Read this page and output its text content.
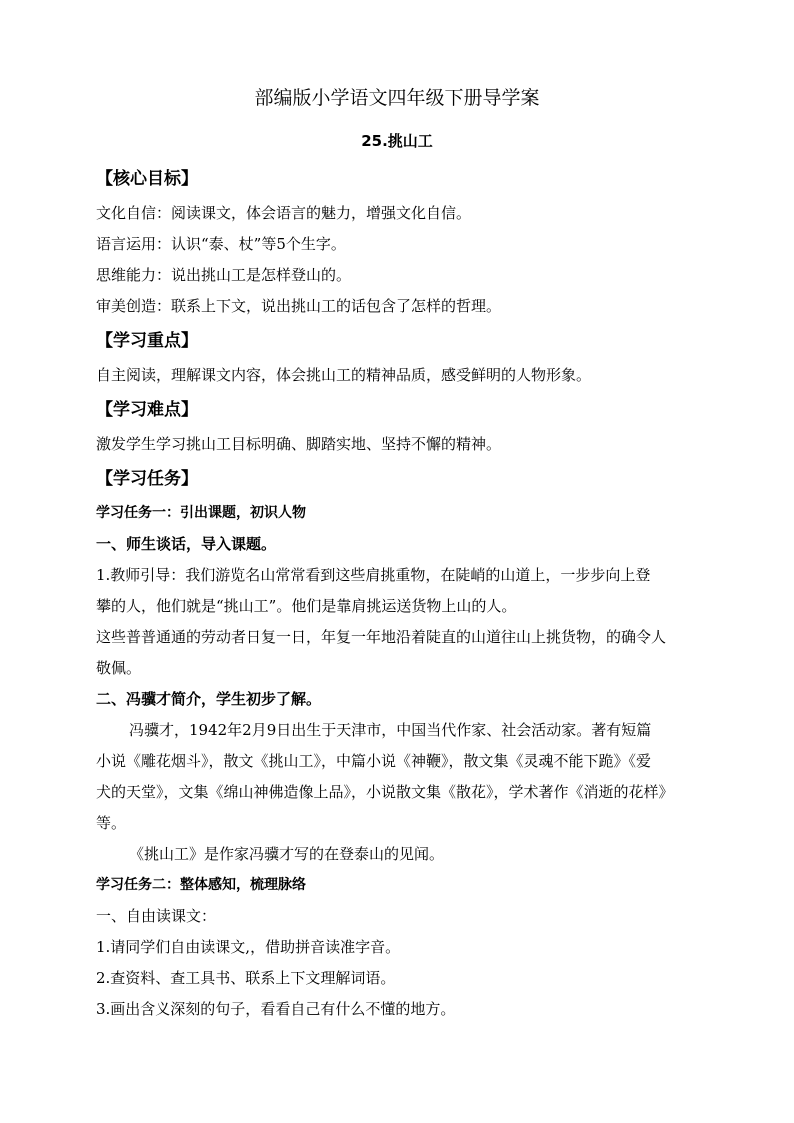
部编版小学语文四年级下册导学案
25.挑山工
【核心目标】
文化自信：阅读课文，体会语言的魅力，增强文化自信。
语言运用：认识“泰、杖”等5个生字。
思维能力：说出挑山工是怎样登山的。
审美创造：联系上下文，说出挑山工的话包含了怎样的哲理。
【学习重点】
自主阅读，理解课文内容，体会挑山工的精神品质，感受鲜明的人物形象。
【学习难点】
激发学生学习挑山工目标明确、脚踏实地、坚持不懈的精神。
【学习任务】
学习任务一：引出课题，初识人物
一、师生谈话，导入课题。
1.教师引导：我们游览名山常常看到这些肩挑重物，在陡峭的山道上，一步步向上登
攀的人，他们就是“挑山工”。他们是靠肩挑运送货物上山的人。
这些普普通通的劳动者日复一日，年复一年地沿着陡直的山道往山上挑货物，的确令人
敬佩。
二、冯骥才简介，学生初步了解。
冯骥才，1942年2月9日出生于天津市，中国当代作家、社会活动家。著有短篇
小说《雕花烟斗》，散文《挑山工》，中篇小说《神鞭》，散文集《灵魂不能下跪》《爱
犬的天堂》，文集《绵山神佛造像上品》，小说散文集《散花》，学术著作《消逝的花样》
等。
《挑山工》是作家冯骥才写的在登泰山的见闻。
学习任务二：整体感知，梳理脉络
一、自由读课文：
1.请同学们自由读课文,，借助拼音读准字音。
2.查资料、查工具书、联系上下文理解词语。
3.画出含义深刻的句子，看看自己有什么不懂的地方。
